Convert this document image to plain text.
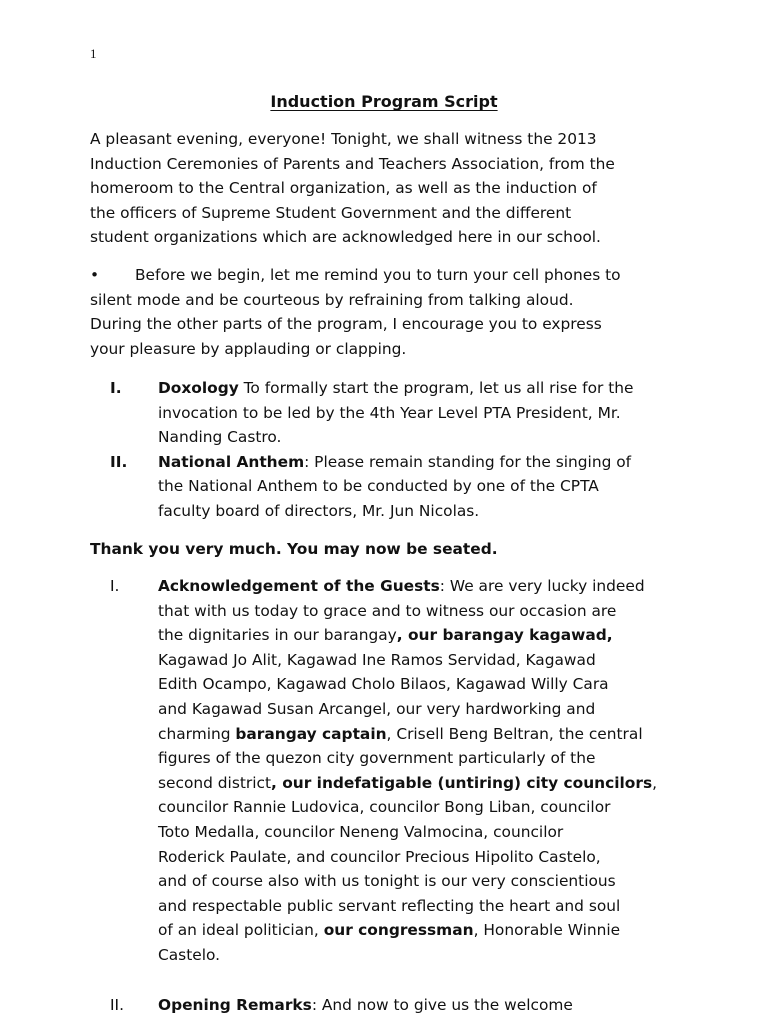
1
Induction Program Script
A pleasant evening, everyone! Tonight, we shall witness the 2013
Induction Ceremonies of Parents and Teachers Association, from the
homeroom to the Central organization, as well as the induction of
the officers of Supreme Student Government and the different
student organizations which are acknowledged here in our school.
• Before we begin, let me remind you to turn your cell phones to
silent mode and be courteous by refraining from talking aloud.
During the other parts of the program, I encourage you to express
your pleasure by applauding or clapping.
I. Doxology To formally start the program, let us all rise for the
invocation to be led by the 4th Year Level PTA President, Mr.
Nanding Castro.
II. National Anthem: Please remain standing for the singing of
the National Anthem to be conducted by one of the CPTA
faculty board of directors, Mr. Jun Nicolas.
Thank you very much. You may now be seated.
I.	Acknowledgement of the Guests: We are very lucky indeed
that with us today to grace and to witness our occasion are
the dignitaries in our barangay, our barangay kagawad,
Kagawad Jo Alit, Kagawad Ine Ramos Servidad, Kagawad
Edith Ocampo, Kagawad Cholo Bilaos, Kagawad Willy Cara
and Kagawad Susan Arcangel, our very hardworking and
charming barangay captain, Crisell Beng Beltran, the central
figures of the quezon city government particularly of the
second district, our indefatigable (untiring) city councilors,
councilor Rannie Ludovica, councilor Bong Liban, councilor
Toto Medalla, councilor Neneng Valmocina, councilor
Roderick Paulate, and councilor Precious Hipolito Castelo,
and of course also with us tonight is our very conscientious
and respectable public servant reflecting the heart and soul
of an ideal politician, our congressman, Honorable Winnie
Castelo.
II. Opening Remarks: And now to give us the welcome
